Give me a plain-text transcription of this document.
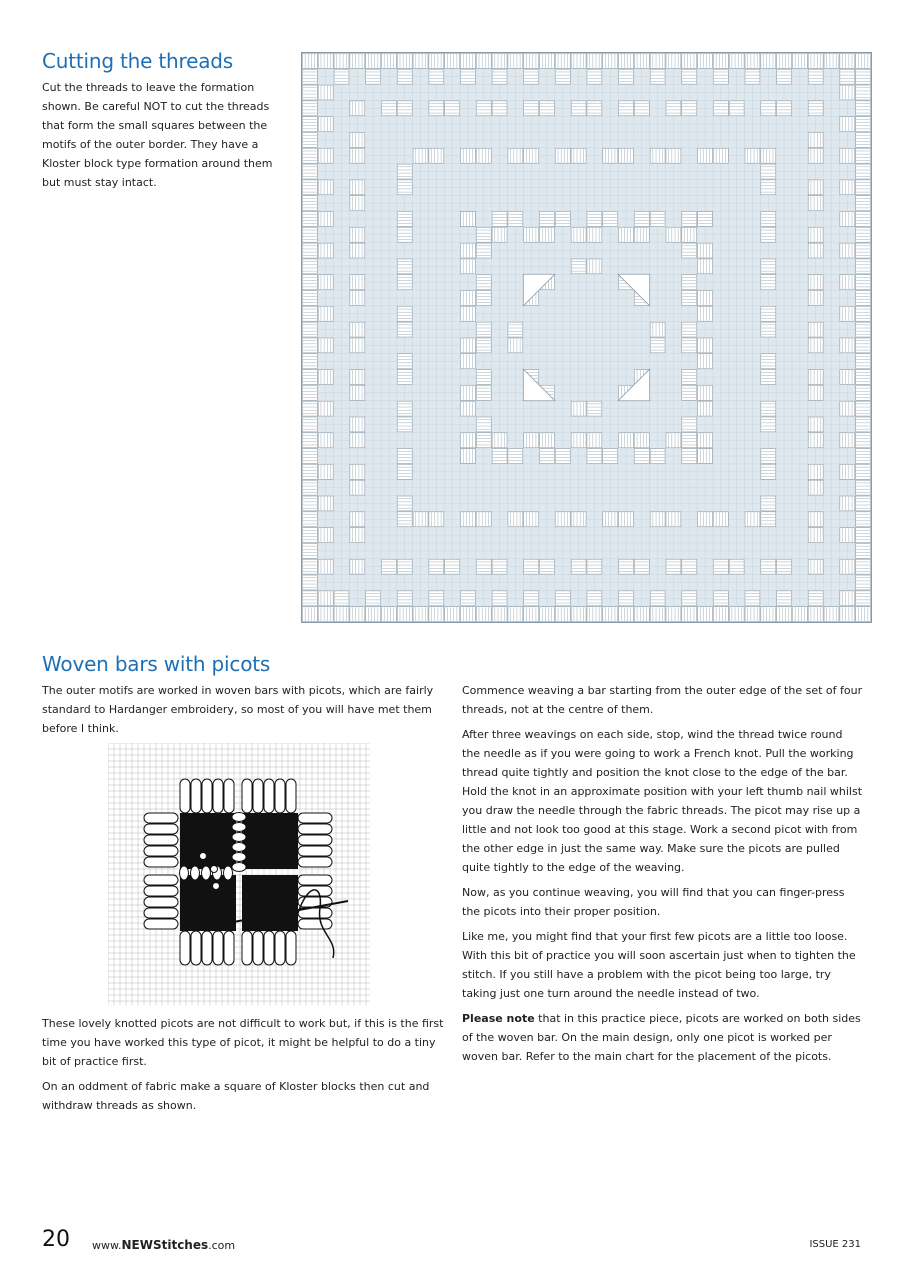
Cutting the threads

Cut the threads to leave the formation shown. Be careful NOT to cut the threads that form the small squares between the motifs of the outer border. They have a Kloster block type formation around them but must stay intact.

Woven bars with picots

The outer motifs are worked in woven bars with picots, which are fairly standard to Hardanger embroidery, so most of you will have met them before I think.

These lovely knotted picots are not difficult to work but, if this is the first time you have worked this type of picot, it might be helpful to do a tiny bit of practice first.

On an oddment of fabric make a square of Kloster blocks then cut and withdraw threads as shown.

Commence weaving a bar starting from the outer edge of the set of four threads, not at the centre of them.

After three weavings on each side, stop, wind the thread twice round the needle as if you were going to work a French knot. Pull the working thread quite tightly and position the knot close to the edge of the bar. Hold the knot in an approximate position with your left thumb nail whilst you draw the needle through the fabric threads. The picot may rise up a little and not look too good at this stage. Work a second picot with from the other edge in just the same way. Make sure the picots are pulled quite tightly to the edge of the weaving.

Now, as you continue weaving, you will find that you can finger-press the picots into their proper position.

Like me, you might find that your first few picots are a little too loose. With this bit of practice you will soon ascertain just when to tighten the stitch. If you still have a problem with the picot being too large, try taking just one turn around the needle instead of two.

Please note that in this practice piece, picots are worked on both sides of the woven bar. On the main design, only one picot is worked per woven bar. Refer to the main chart for the placement of the picots.

20 www.NEWStitches.com	ISSUE 231
